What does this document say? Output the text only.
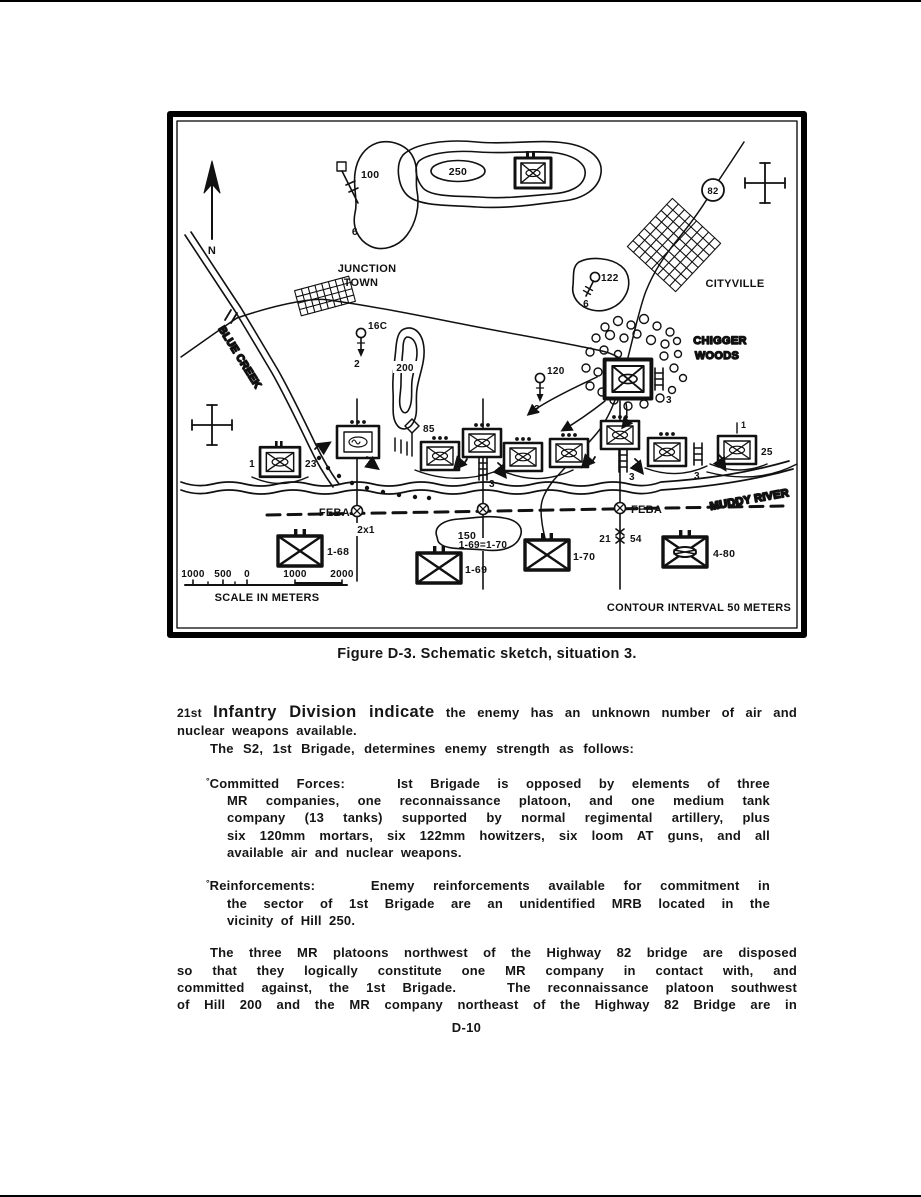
N
100
6
250
82
CITYVILLE
JUNCTION
TOWN
BLUE CREEK
122
6
CHIGGER
WOODS
3
16C
2	200	120
2
85
MUDDY RIVER
FEBA	FEBA
2x1
1-69=1-70
21 54
1	23
3
3	3
1
25
150
1-68
1-69
1-70	4-80
1000 500 0	1000 2000
SCALE IN METERS
CONTOUR INTERVAL 50 METERS
Figure D-3. Schematic sketch, situation 3.
21st Infantry Division indicate the enemy has an unknown number of air and
nuclear weapons available.
The S2, 1st Brigade, determines enemy strength as follows:
°Committed Forces:   Ist Brigade is opposed by elements of three
MR companies, one reconnaissance platoon, and one medium tank
company (13 tanks) supported by normal regimental artillery, plus
six 120mm mortars, six 122mm howitzers, six loom AT guns, and all
available air and nuclear weapons.
°Reinforcements:   Enemy reinforcements available for commitment in
the sector of 1st Brigade are an unidentified MRB located in the
vicinity of Hill 250.
The three MR platoons northwest of the Highway 82 bridge are disposed
so that they logically constitute one MR company in contact with, and
committed against, the 1st Brigade.   The reconnaissance platoon southwest
of Hill 200 and the MR company northeast of the Highway 82 Bridge are in
D-10
